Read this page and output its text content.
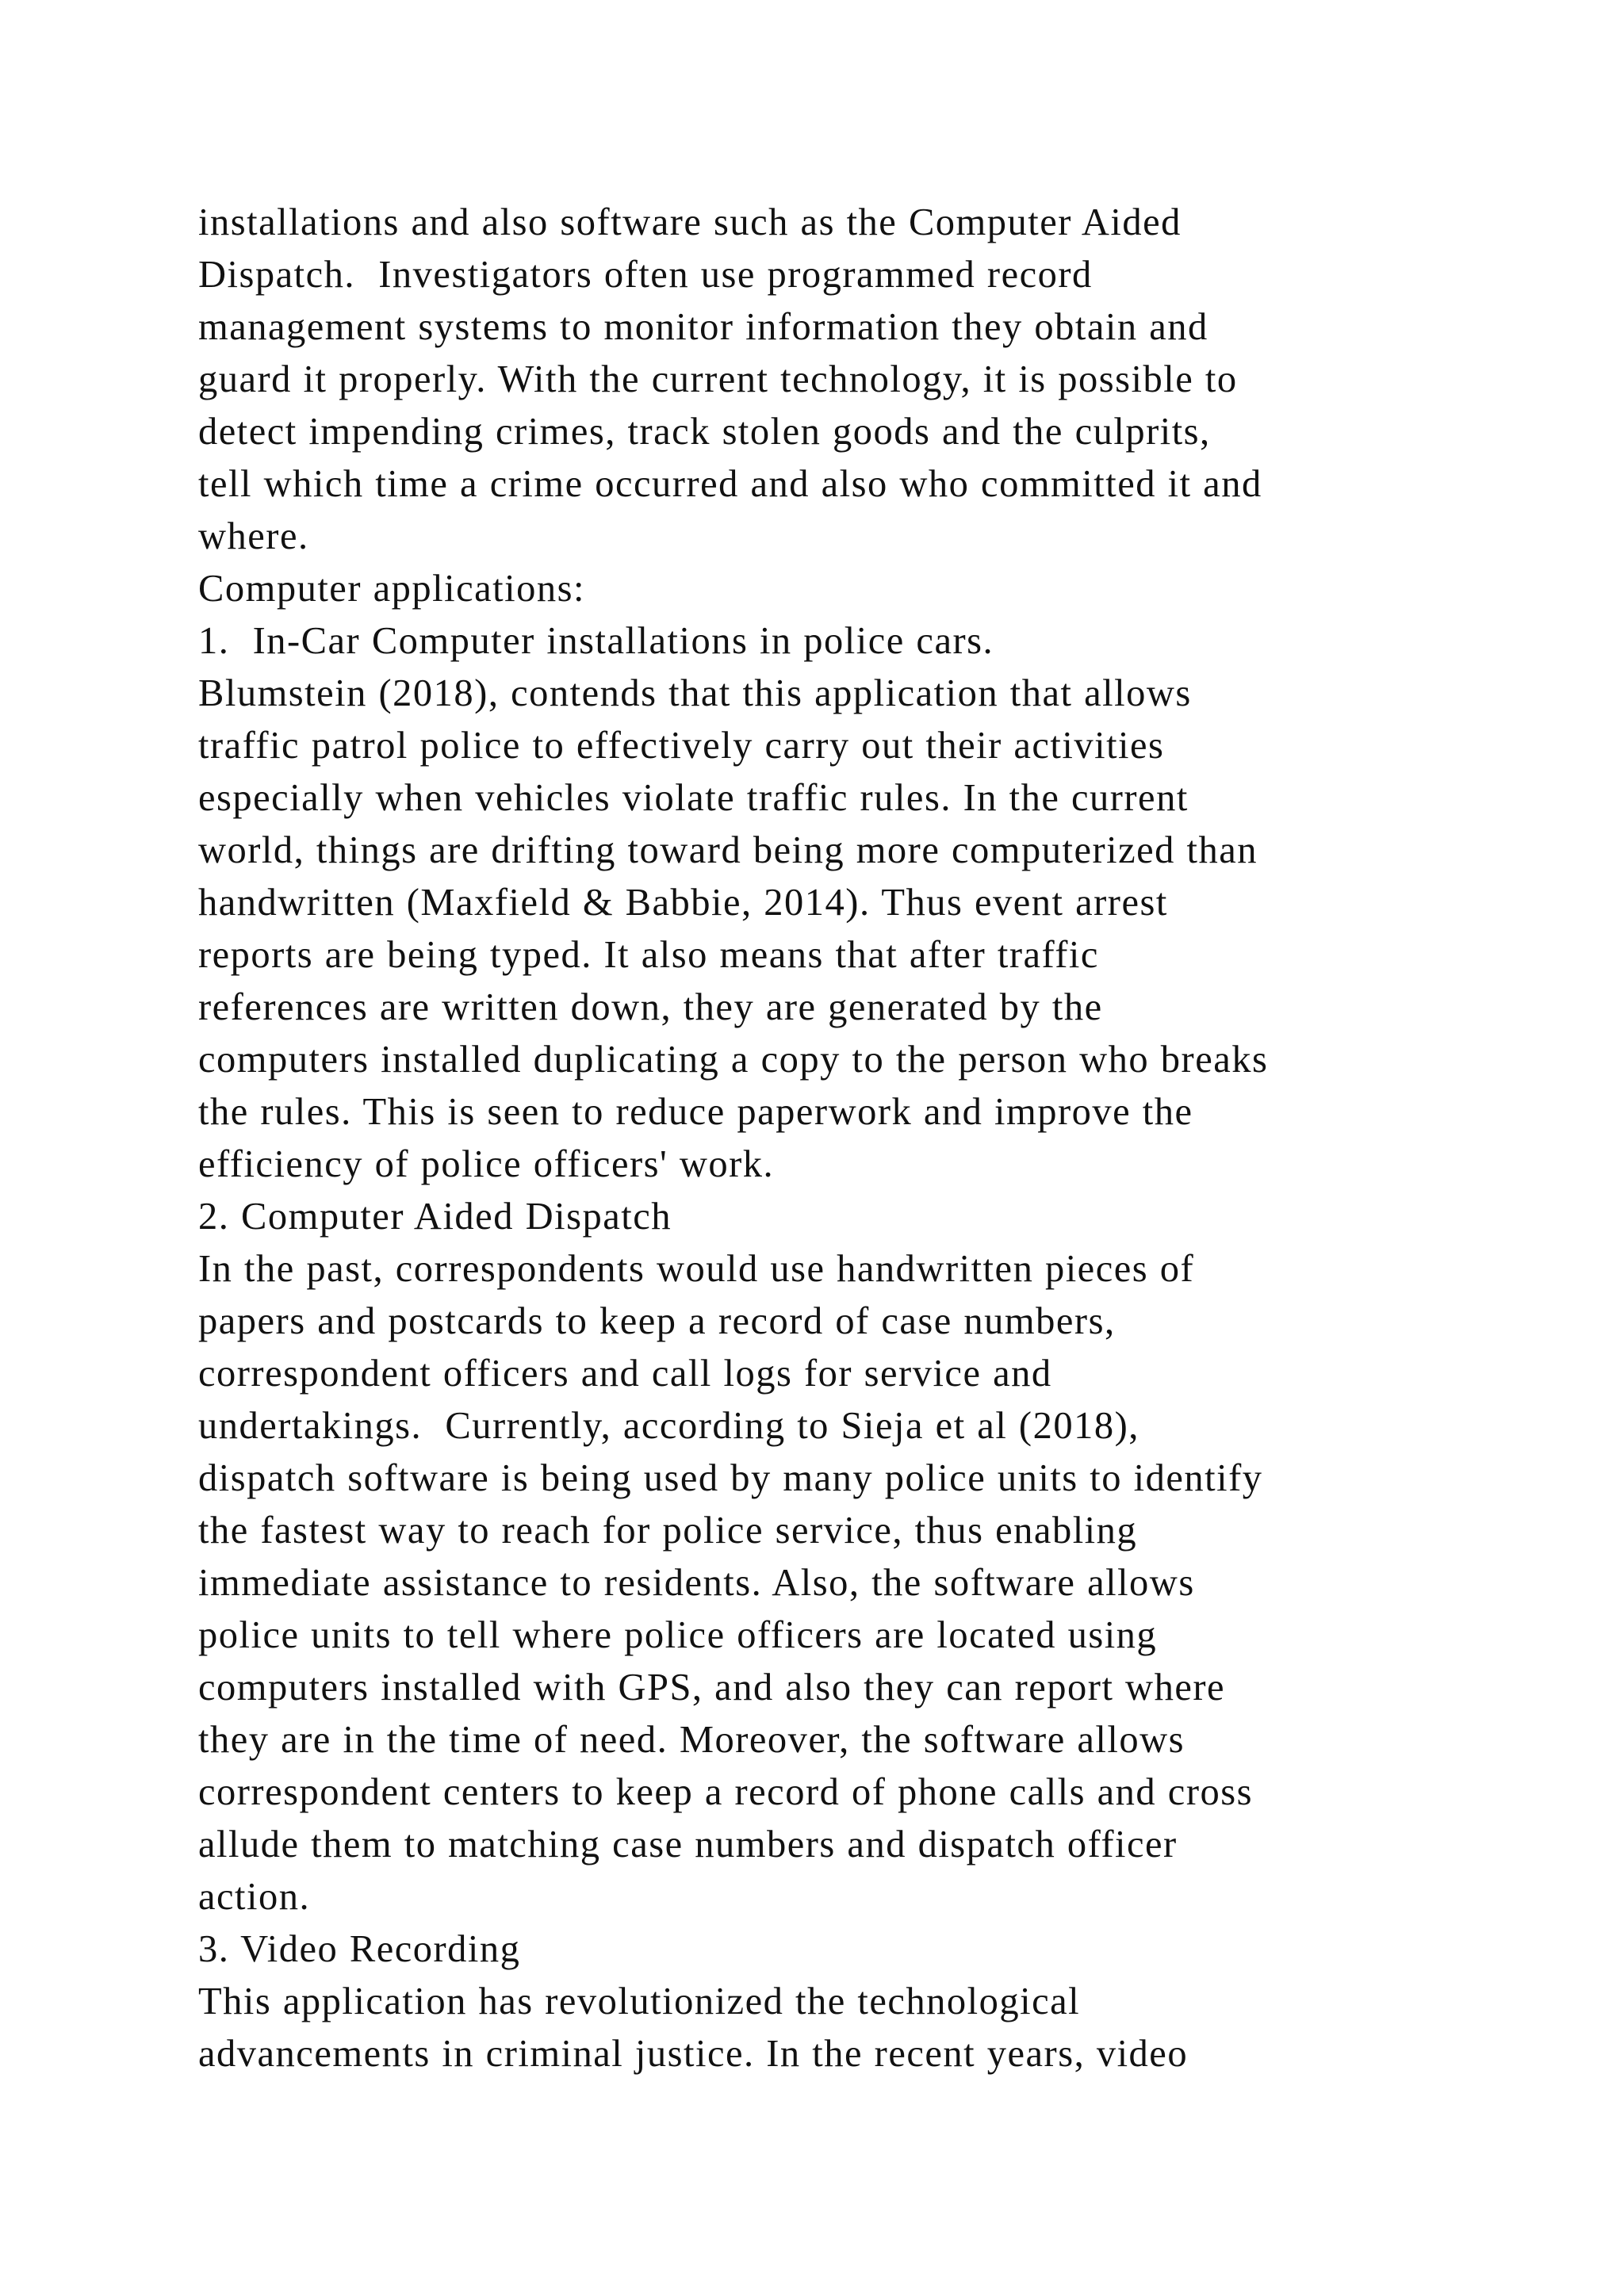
installations and also software such as the Computer Aided
Dispatch.  Investigators often use programmed record
management systems to monitor information they obtain and
guard it properly. With the current technology, it is possible to
detect impending crimes, track stolen goods and the culprits,
tell which time a crime occurred and also who committed it and
where.
Computer applications:
1.  In-Car Computer installations in police cars.
Blumstein (2018), contends that this application that allows
traffic patrol police to effectively carry out their activities
especially when vehicles violate traffic rules. In the current
world, things are drifting toward being more computerized than
handwritten (Maxfield & Babbie, 2014). Thus event arrest
reports are being typed. It also means that after traffic
references are written down, they are generated by the
computers installed duplicating a copy to the person who breaks
the rules. This is seen to reduce paperwork and improve the
efficiency of police officers' work.
2. Computer Aided Dispatch
In the past, correspondents would use handwritten pieces of
papers and postcards to keep a record of case numbers,
correspondent officers and call logs for service and
undertakings.  Currently, according to Sieja et al (2018),
dispatch software is being used by many police units to identify
the fastest way to reach for police service, thus enabling
immediate assistance to residents. Also, the software allows
police units to tell where police officers are located using
computers installed with GPS, and also they can report where
they are in the time of need. Moreover, the software allows
correspondent centers to keep a record of phone calls and cross
allude them to matching case numbers and dispatch officer
action.
3. Video Recording
This application has revolutionized the technological
advancements in criminal justice. In the recent years, video
